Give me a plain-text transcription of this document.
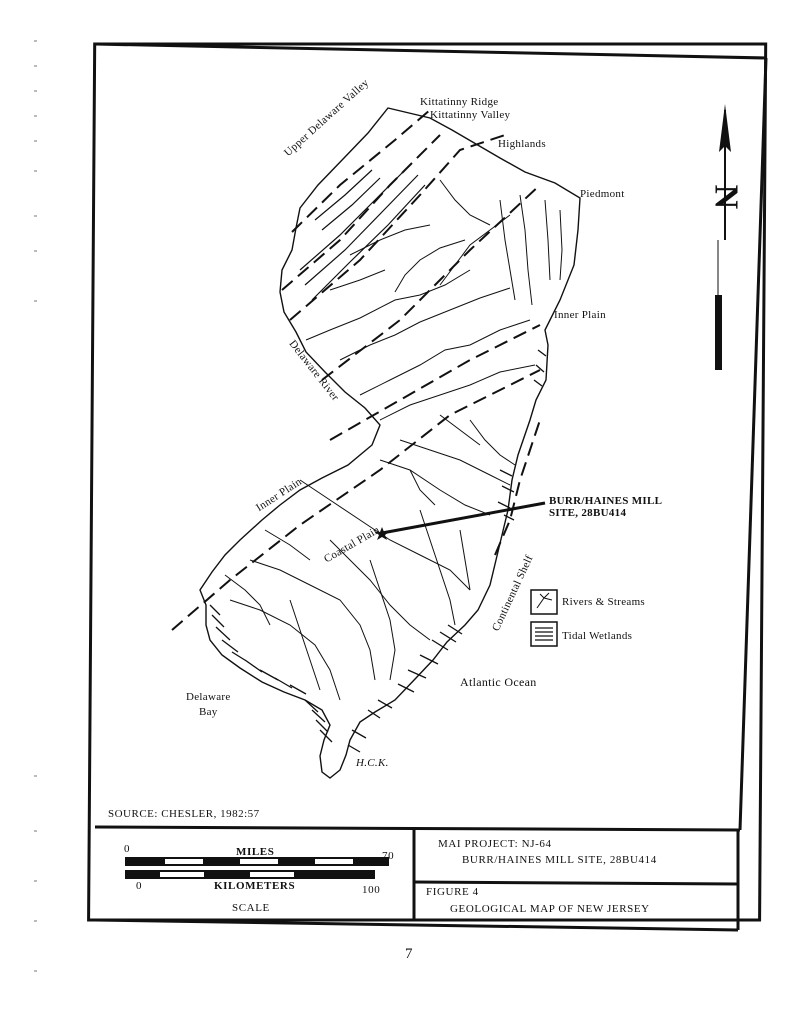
Kittatinny Ridge
Kittatinny Valley
Upper Delaware Valley	Highlands
Piedmont
Inner Plain
Delaware River
Inner Plain
Coastal Plain
Continental Shelf
Atlantic Ocean
Delaware
Bay
BURR/HAINES MILL
SITE, 28BU414
H.C.K.
N
Rivers & Streams
Tidal Wetlands
SOURCE: CHESLER, 1982:57
0	MILES	70
0	KILOMETERS	100
SCALE
MAI PROJECT: NJ-64
BURR/HAINES MILL SITE, 28BU414
FIGURE 4
GEOLOGICAL MAP OF NEW JERSEY
7
